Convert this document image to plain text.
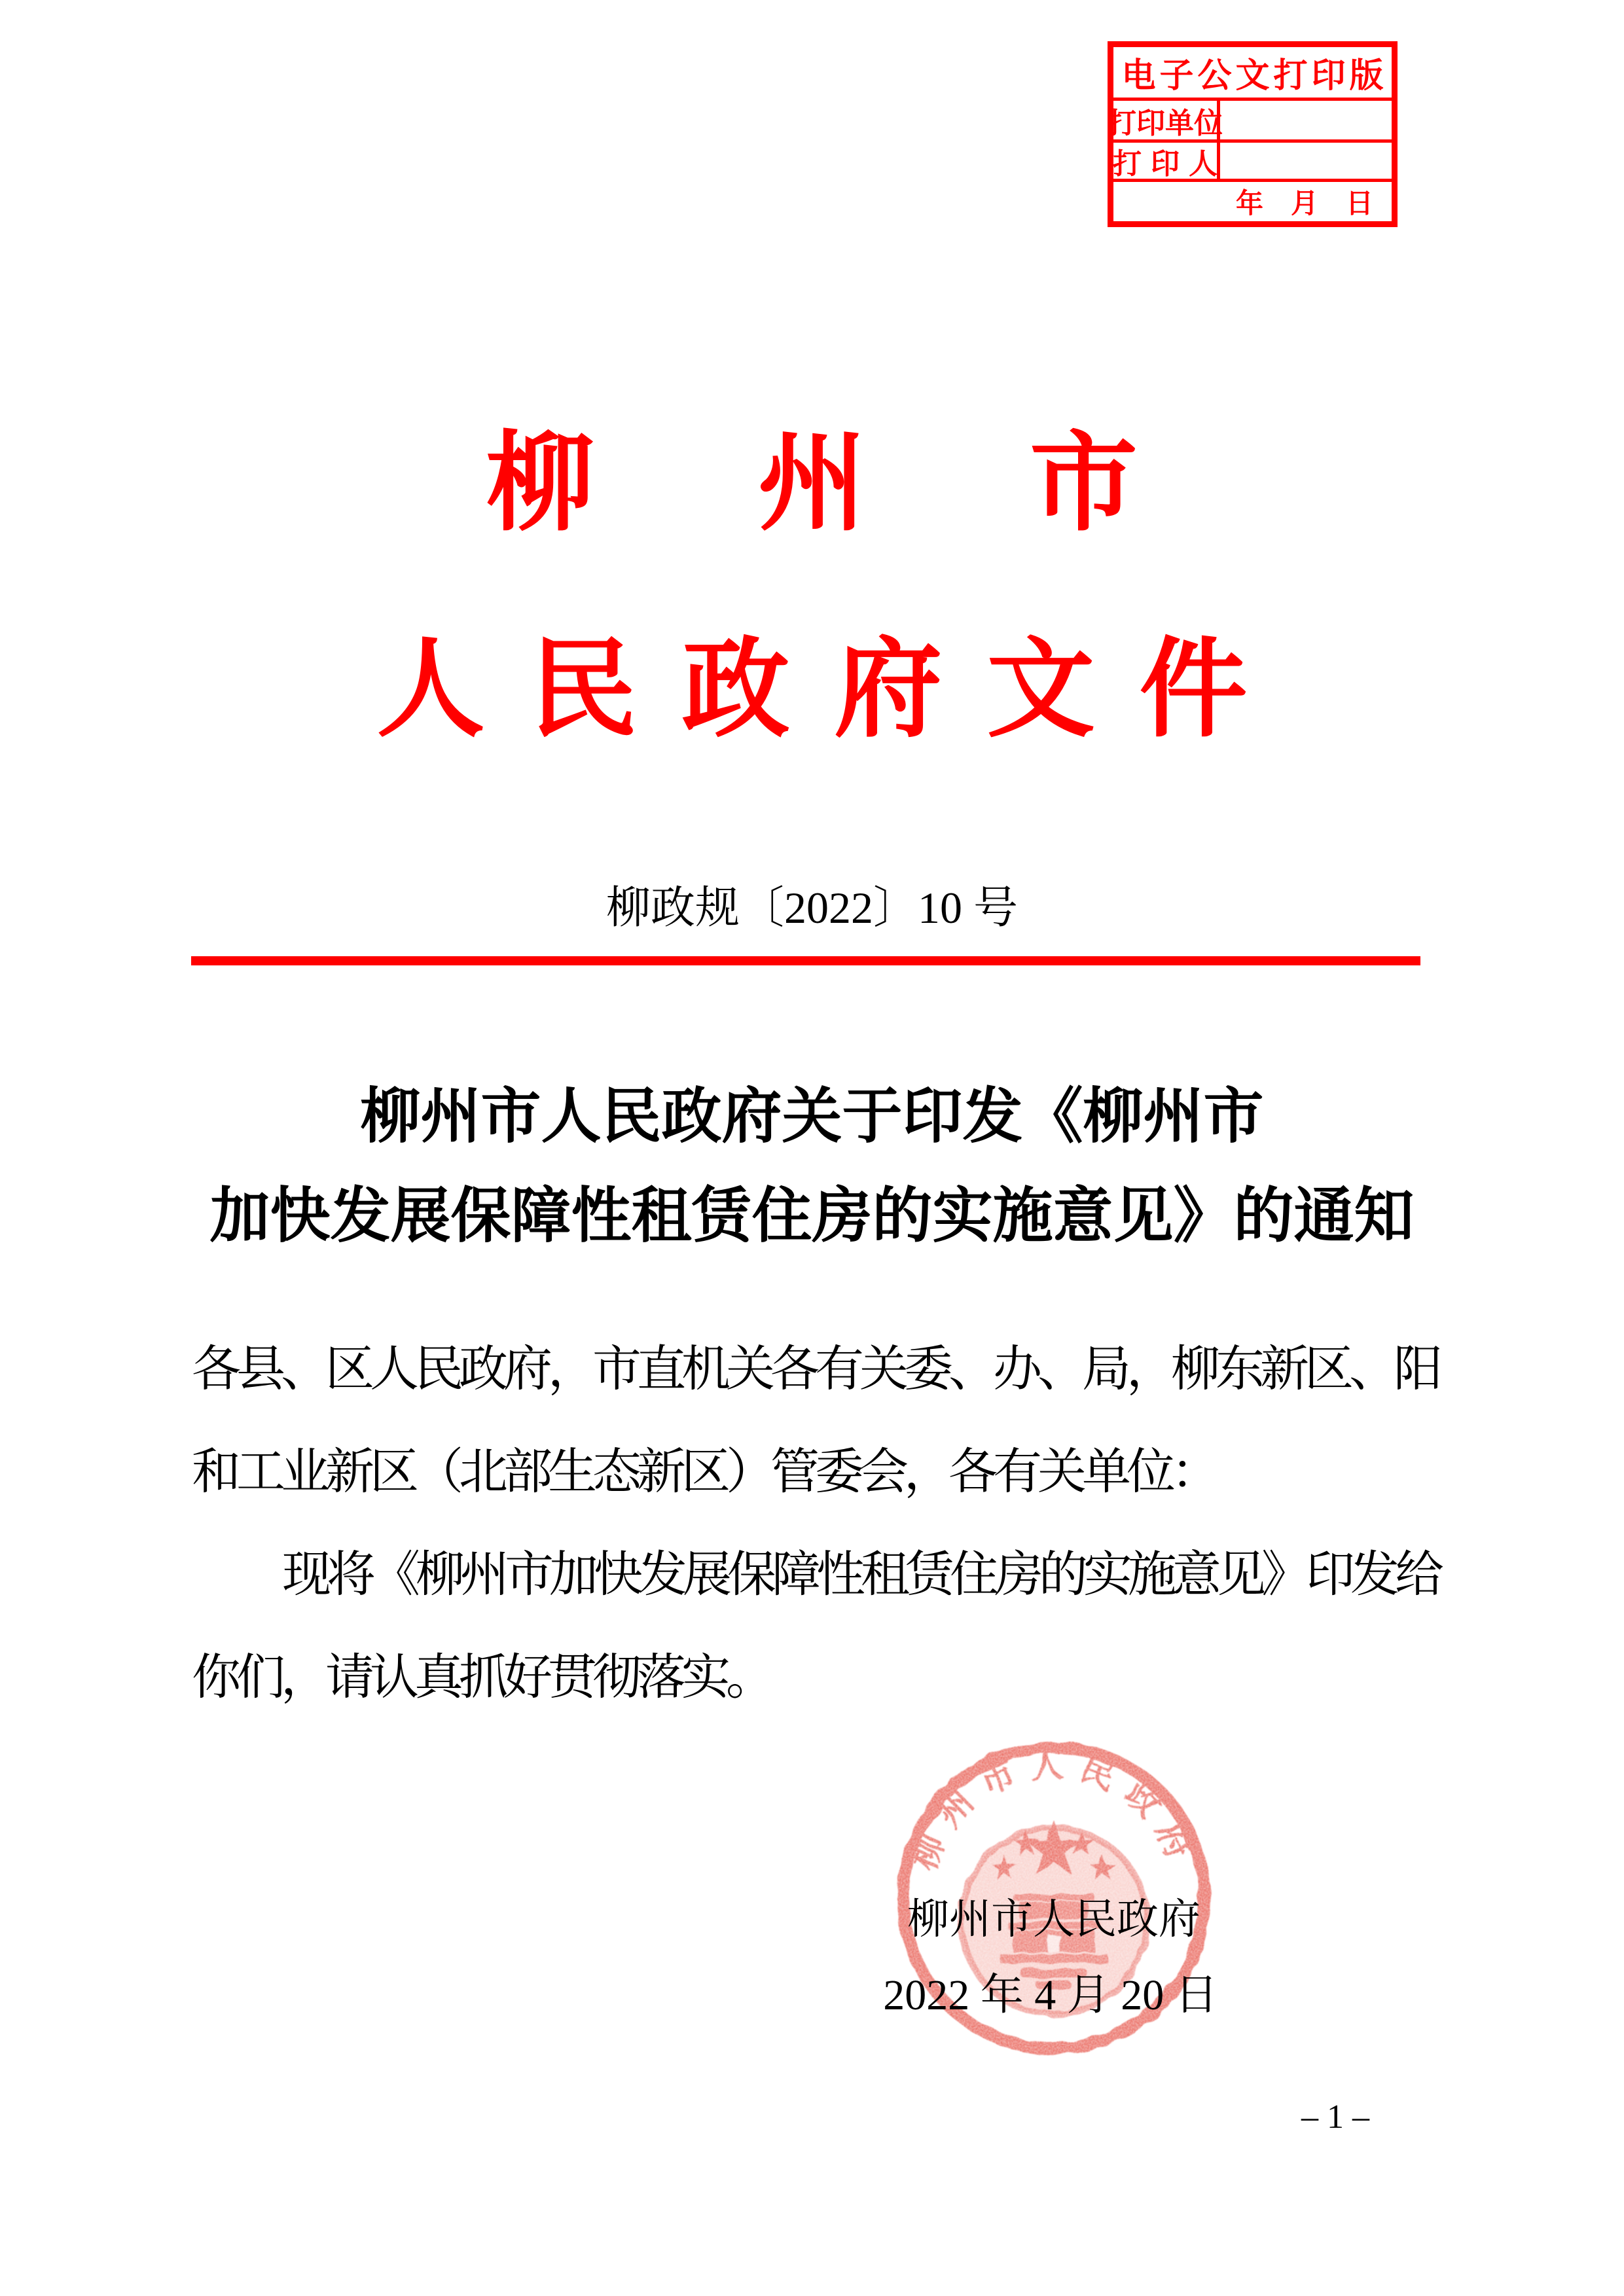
电子公文打印版
打印单位
打印人
年    月    日
柳州市
人民政府文件
柳政规〔2022〕10 号
柳州市人民政府关于印发《柳州市
加快发展保障性租赁住房的实施意见》的通知
各县、区人民政府，市直机关各有关委、办、局，柳东新区、阳
和工业新区（北部生态新区）管委会，各有关单位：
现将《柳州市加快发展保障性租赁住房的实施意见》印发给
你们，请认真抓好贯彻落实。
柳州市人民政府
柳州市人民政府
2022 年 4 月 20 日
– 1 –
